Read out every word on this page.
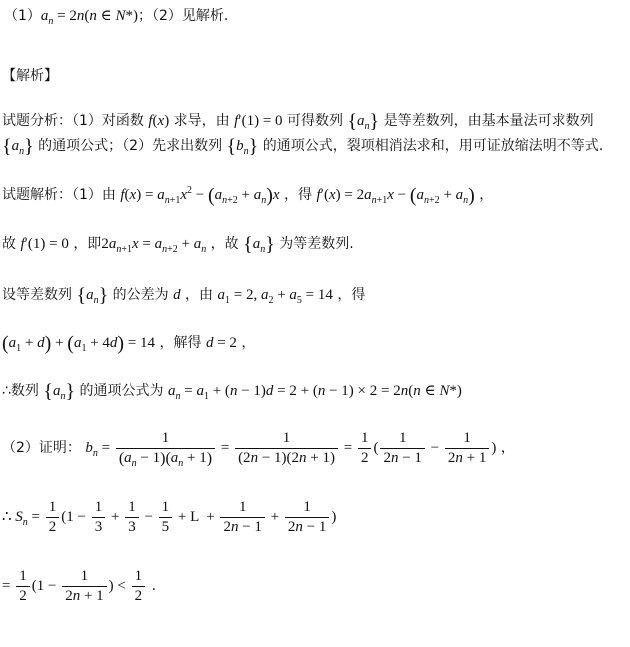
$(1)a_n = 2n(n$ ∈ N*)；（2）见解析.
【解析】
试题分析：（1）对函数 f(x) 求导，由 f′(1) = 0 可得数列 $\{a_n\}$ 是等差数列，由基本量法可求数列
$\{a_n\}$ 的通项公式；（2）先求出数列 $\{b_n\}$ 的通项公式，裂项相消法求和，用可证放缩法明不等式.
试题解析：（1）由 $f(x) = a_{n+1}x^2 - (a_{n+2} + a_n)x$ ，得 $f'(x) = 2a_{n+1}x - (a_{n+2} + a_n)$ ，
故 f′(1) = 0 ，即$2a_{n+1}x = a_{n+2} + a_n$ ，故 $\{a_n\}$ 为等差数列.
设等差数列 $\{a_n\}$ 的公差为 d ，由 $a_1 = 2$, $a_2 + a_5 = 14$ ，得
$(a_1 + d) + (a_1 + 4d) = 14$ ，解得 d = 2 ，
∴数列 $\{a_n\}$ 的通项公式为 $a_n = a_1 + (n - 1)d = 2 + (n - 1) \times 2 = 2n(n$ ∈ N*)
（2）证明： $b_n = \frac{1}{(a_n - 1)(a_n + 1)} = \frac{1}{(2n - 1)(2n + 1)} = \frac{1}{2}$ ( $\frac{1}{2n - 1} - \frac{1}{2n + 1}$ ) ，
∴ $S_n = \frac{1}{2} (1 - \frac{1}{3} + \frac{1}{3} - \frac{1}{5} + L + \frac{1}{2n - 1} + \frac{1}{2n - 1}$ )
= $\frac{1}{2} (1 - \frac{1}{2n + 1}$ ) < $\frac{1}{2}$ .
